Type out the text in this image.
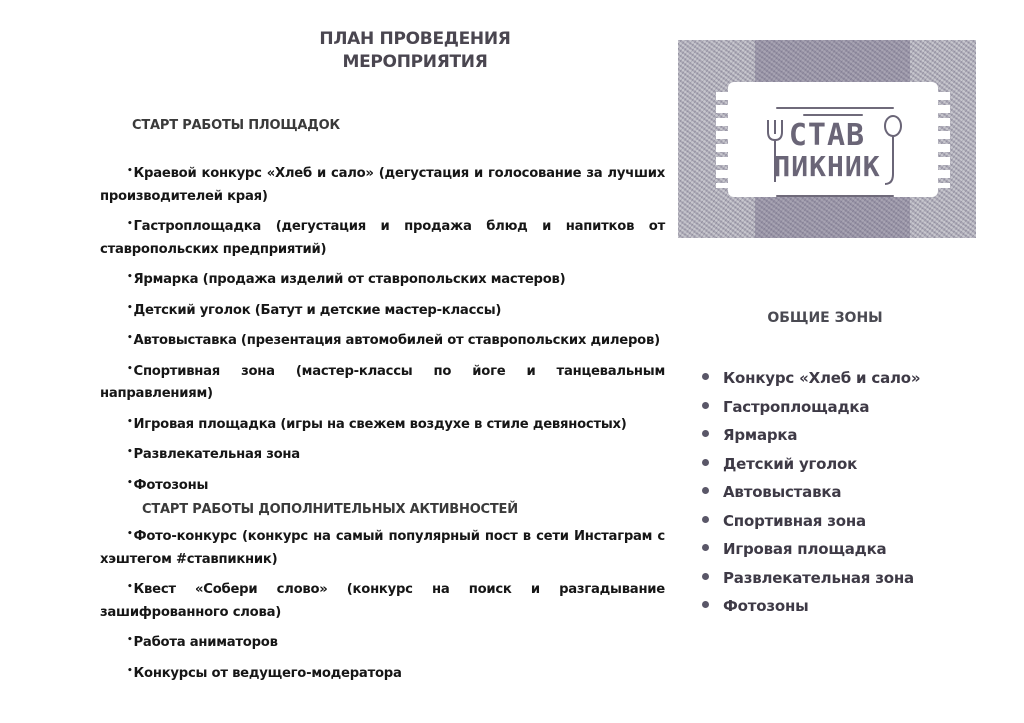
ПЛАН ПРОВЕДЕНИЯ
МЕРОПРИЯТИЯ
СТАРТ РАБОТЫ ПЛОЩАДОК

•Краевой конкурс «Хлеб и сало» (дегустация и голосование за лучших производителей края)

•Гастроплощадка (дегустация и продажа блюд и напитков от ставропольских предприятий)

•Ярмарка (продажа изделий от ставропольских мастеров)

•Детский уголок (Батут и детские мастер-классы)

•Автовыставка (презентация автомобилей от ставропольских дилеров)

•Спортивная зона (мастер-классы по йоге и танцевальным направлениям)

•Игровая площадка (игры на свежем воздухе в стиле девяностых)

•Развлекательная зона

•Фотозоны

СТАРТ РАБОТЫ ДОПОЛНИТЕЛЬНЫХ АКТИВНОСТЕЙ

•Фото-конкурс (конкурс на самый популярный пост в сети Инстаграм с хэштегом #ставпикник)

•Квест «Собери слово» (конкурс на поиск и разгадывание зашифрованного слова)

•Работа аниматоров

•Конкурсы от ведущего-модератора

СТАВ
ПИКНИК
ОБЩИЕ ЗОНЫ
Конкурс «Хлеб и сало»
Гастроплощадка
Ярмарка
Детский уголок
Автовыставка
Спортивная зона
Игровая площадка
Развлекательная зона
Фотозоны
